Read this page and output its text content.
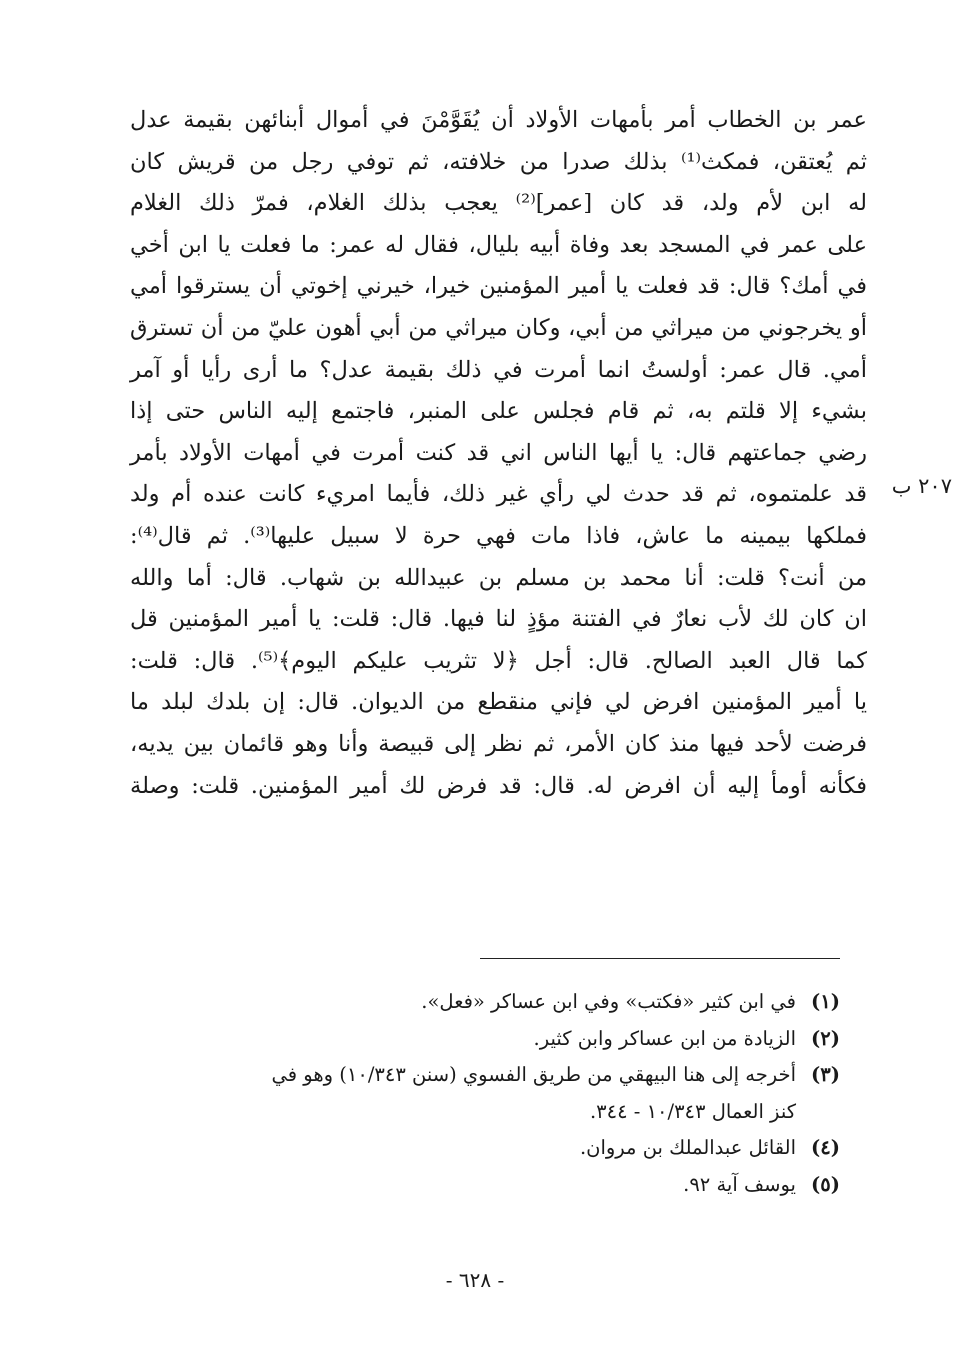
عمر بن الخطاب أمر بأمهات الأولاد أن يُقَوَّمْنَ في أموال أبنائهن بقيمة عدل
ثم يُعتقن، فمكث⁽¹⁾ بذلك صدرا من خلافته، ثم توفي رجل من قريش كان
له ابن لأم ولد، قد كان [عمر]⁽²⁾ يعجب بذلك الغلام، فمرّ ذلك الغلام
على عمر في المسجد بعد وفاة أبيه بليال، فقال له عمر: ما فعلت يا ابن أخي
في أمك؟ قال: قد فعلت يا أمير المؤمنين خيرا، خيرني إخوتي أن يسترقوا أمي
أو يخرجوني من ميراثي من أبي، وكان ميراثي من أبي أهون عليّ من أن تسترق
أمي. قال عمر: أولستُ انما أمرت في ذلك بقيمة عدل؟ ما أرى رأيا أو آمر
بشيء إلا قلتم به، ثم قام فجلس على المنبر، فاجتمع إليه الناس حتى إذا
رضي جماعتهم قال: يا أيها الناس اني قد كنت أمرت في أمهات الأولاد بأمر
قد علمتموه، ثم قد حدث لي رأي غير ذلك، فأيما امريء كانت عنده أم ولد
فملكها بيمينه ما عاش، فاذا مات فهي حرة لا سبيل عليها⁽³⁾. ثم قال⁽⁴⁾:
من أنت؟ قلت: أنا محمد بن مسلم بن عبيدالله بن شهاب. قال: أما والله
ان كان لك لأب نعارٌ في الفتنة مؤذٍ لنا فيها. قال: قلت: يا أمير المؤمنين قل
كما قال العبد الصالح. قال: أجل ﴿لا تثريب عليكم اليوم﴾⁽⁵⁾. قال: قلت:
يا أمير المؤمنين افرض لي فإني منقطع من الديوان. قال: إن بلدك لبلد ما
فرضت لأحد فيها منذ كان الأمر، ثم نظر إلى قبيصة وأنا وهو قائمان بين يديه،
فكأنه أومأ إليه أن افرض له. قال: قد فرض لك أمير المؤمنين. قلت: وصلة
٢٠٧ ب
(١)في ابن كثير «فكتب» وفي ابن عساكر «فعل».
(٢)الزيادة من ابن عساكر وابن كثير.
(٣)أخرجه إلى هنا البيهقي من طريق الفسوي (سنن ١٠/٣٤٣) وهو في
كنز العمال ١٠/٣٤٣ - ٣٤٤.
(٤)القائل عبدالملك بن مروان.
(٥)يوسف آية ٩٢.
- ٦٢٨ -
